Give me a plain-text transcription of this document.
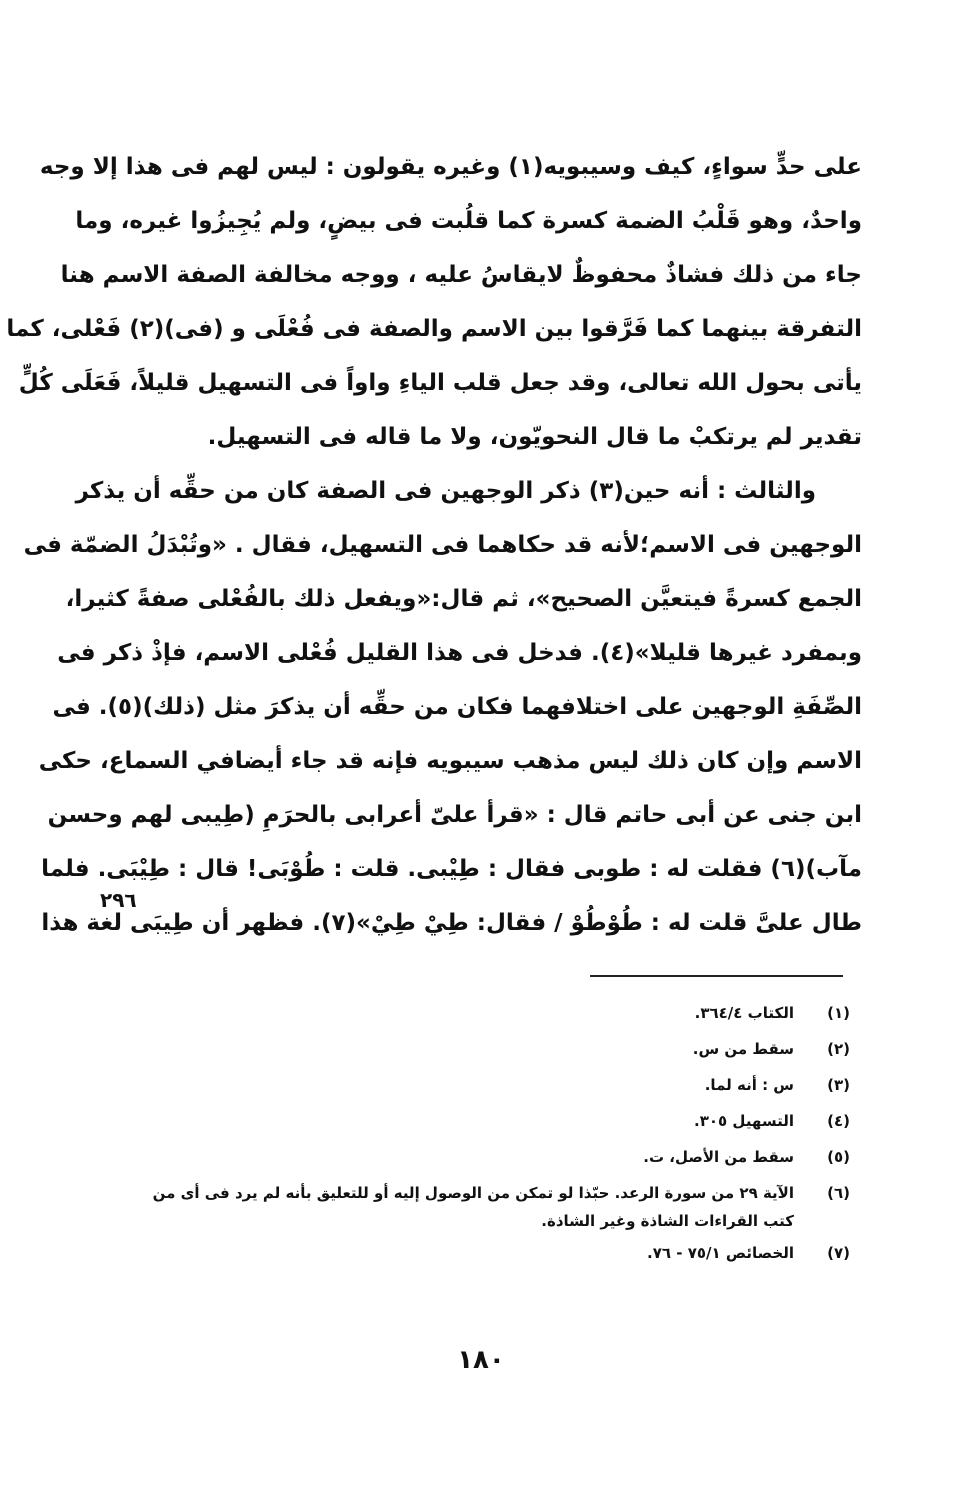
على حدٍّ سواءٍ، كيف وسيبويه(١) وغيره يقولون : ليس لهم فى هذا إلا وجه
واحدٌ، وهو قَلْبُ الضمة كسرة كما قلُبت فى بيضٍ، ولم يُجِيزُوا غيره، وما
جاء من ذلك فشاذٌ محفوظٌ لايقاسُ عليه ، ووجه مخالفة الصفة الاسم هنا
التفرقة بينهما كما فَرَّقوا بين الاسم والصفة فى فُعْلَى و (فى)(٢) فَعْلى، كما
يأتى بحول الله تعالى، وقد جعل قلب الياءِ واواً فى التسهيل قليلاً، فَعَلَى كُلٍّ
تقدير لم يرتكبْ ما قال النحويّون، ولا ما قاله فى التسهيل.
والثالث : أنه حين(٣) ذكر الوجهين فى الصفة كان من حقِّه أن يذكر
الوجهين فى الاسم؛لأنه قد حكاهما فى التسهيل، فقال . «وتُبْدَلُ الضمّة فى
الجمع كسرةً فيتعيَّن الصحيح»، ثم قال:«ويفعل ذلك بالفُعْلى صفةً كثيرا،
وبمفرد غيرها قليلا»(٤). فدخل فى هذا القليل فُعْلى الاسم، فإذْ ذكر فى
الصِّفَةِ الوجهين على اختلافهما فكان من حقِّه أن يذكرَ مثل (ذلك)(٥). فى
الاسم وإن كان ذلك ليس مذهب سيبويه فإنه قد جاء أيضافي السماع، حكى
ابن جنى عن أبى حاتم قال : «قرأ علىّ أعرابى بالحرَمِ (طِيبى لهم وحسن
مآب)(٦) فقلت له : طوبى فقال : طِيْبى. قلت : طُوْبَى! قال : طِيْبَى. فلما
طال علىَّ قلت له : طُوْطُوْ / فقال: طِيْ طِيْ»(٧). فظهر أن طِيبَى لغة هذا
٢٩٦
(١)
الكتاب ٣٦٤/٤.
(٢)
سقط من س.
(٣)
س : أنه لما.
(٤)
التسهيل ٣٠٥.
(٥)
سقط من الأصل، ت.
(٦)
الآية ٢٩ من سورة الرعد. حبّذا لو تمكن من الوصول إليه أو للتعليق بأنه لم يرد فى أى من كتب القراءات الشاذة وغير الشاذة.
(٧)
الخصائص ٧٥/١ - ٧٦.
١٨٠
